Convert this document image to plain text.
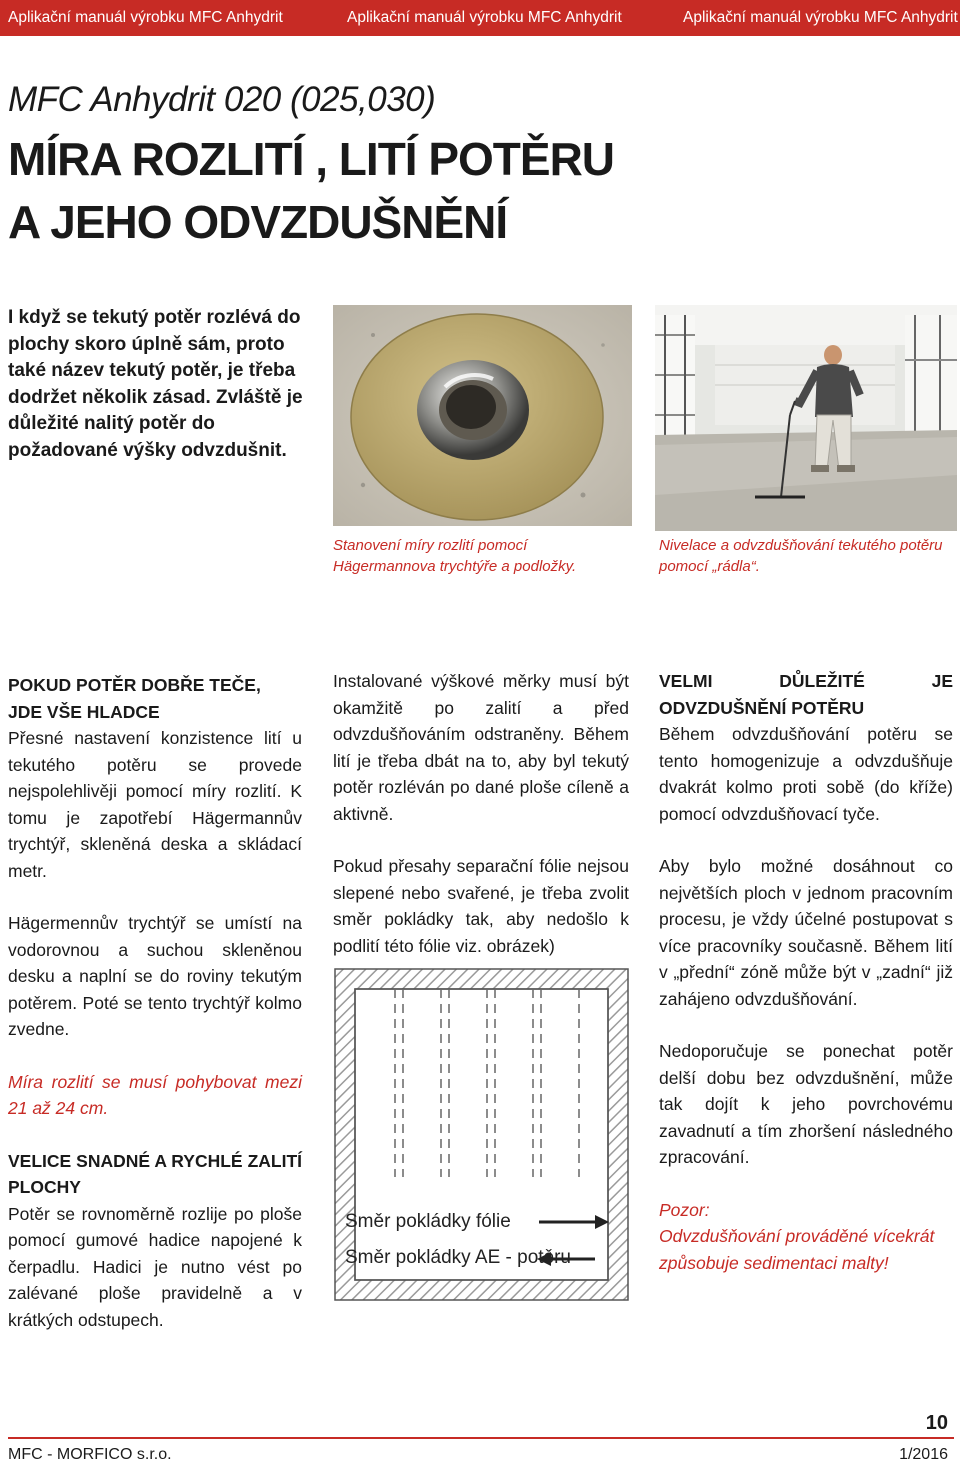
Aplikační manuál výrobku MFC Anhydrit	Aplikační manuál výrobku MFC Anhydrit	Aplikační manuál výrobku MFC Anhydrit
MFC Anhydrit 020 (025,030)
MÍRA ROZLITÍ , LITÍ POTĚRU
A JEHO ODVZDUŠNĚNÍ
I když se tekutý potěr rozlévá do plochy skoro úplně sám, proto také název tekutý potěr, je třeba dodržet několik zásad. Zvláště je důležité nalitý potěr do požadované výšky odvzdušnit.
Stanovení míry rozlití pomocí Hägermannova trychtýře a podložky.
Nivelace a odvzdušňování tekutého potěru pomocí „rádla“.
POKUD POTĚR DOBŘE TEČE,
JDE VŠE HLADCE

Přesné nastavení konzistence lití u tekutého potěru se provede nejspolehlivěji pomocí míry rozlití. K tomu je zapotřebí Hägermannův trychtýř, skleněná deska a skládací metr.

Hägermennův trychtýř se umístí na vodorovnou a suchou skleněnou desku a naplní se do roviny tekutým potěrem. Poté se tento trychtýř kolmo zvedne.

Míra rozlití se musí pohybovat mezi 21 až 24 cm.

VELICE SNADNÉ A RYCHLÉ ZALITÍ PLOCHY

Potěr se rovnoměrně rozlije po ploše pomocí gumové hadice napojené k čerpadlu. Hadici je nutno vést po zalévané ploše pravidelně a v krátkých odstupech.

Instalované výškové měrky musí být okamžitě po zalití a před odvzdušňováním odstraněny. Během lití je třeba dbát na to, aby byl tekutý potěr rozléván po dané ploše cíleně a aktivně.

Pokud přesahy separační fólie nejsou slepené nebo svařené, je třeba zvolit směr pokládky tak, aby nedošlo k podlití této fólie viz. obrázek)

Směr pokládky fólie
Směr pokládky AE - potěru
VELMI DŮLEŽITÉ JE ODVZDUŠNĚNÍ POTĚRU

Během odvzdušňování potěru se tento homogenizuje a odvzdušňuje dvakrát kolmo proti sobě (do kříže) pomocí odvzdušňovací tyče.

Aby bylo možné dosáhnout co největších ploch v jednom pracovním procesu, je vždy účelné postupovat s více pracovníky současně. Během lití v „přední“ zóně může být v „zadní“ již zahájeno odvzdušňování.

Nedoporučuje se ponechat potěr delší dobu bez odvzdušnění, může tak dojít k jeho povrchovému zavadnutí a tím zhoršení následného zpracování.

Pozor:
Odvzdušňování prováděné vícekrát způsobuje sedimentaci malty!
10
MFC - MORFICO s.r.o.	1/2016
